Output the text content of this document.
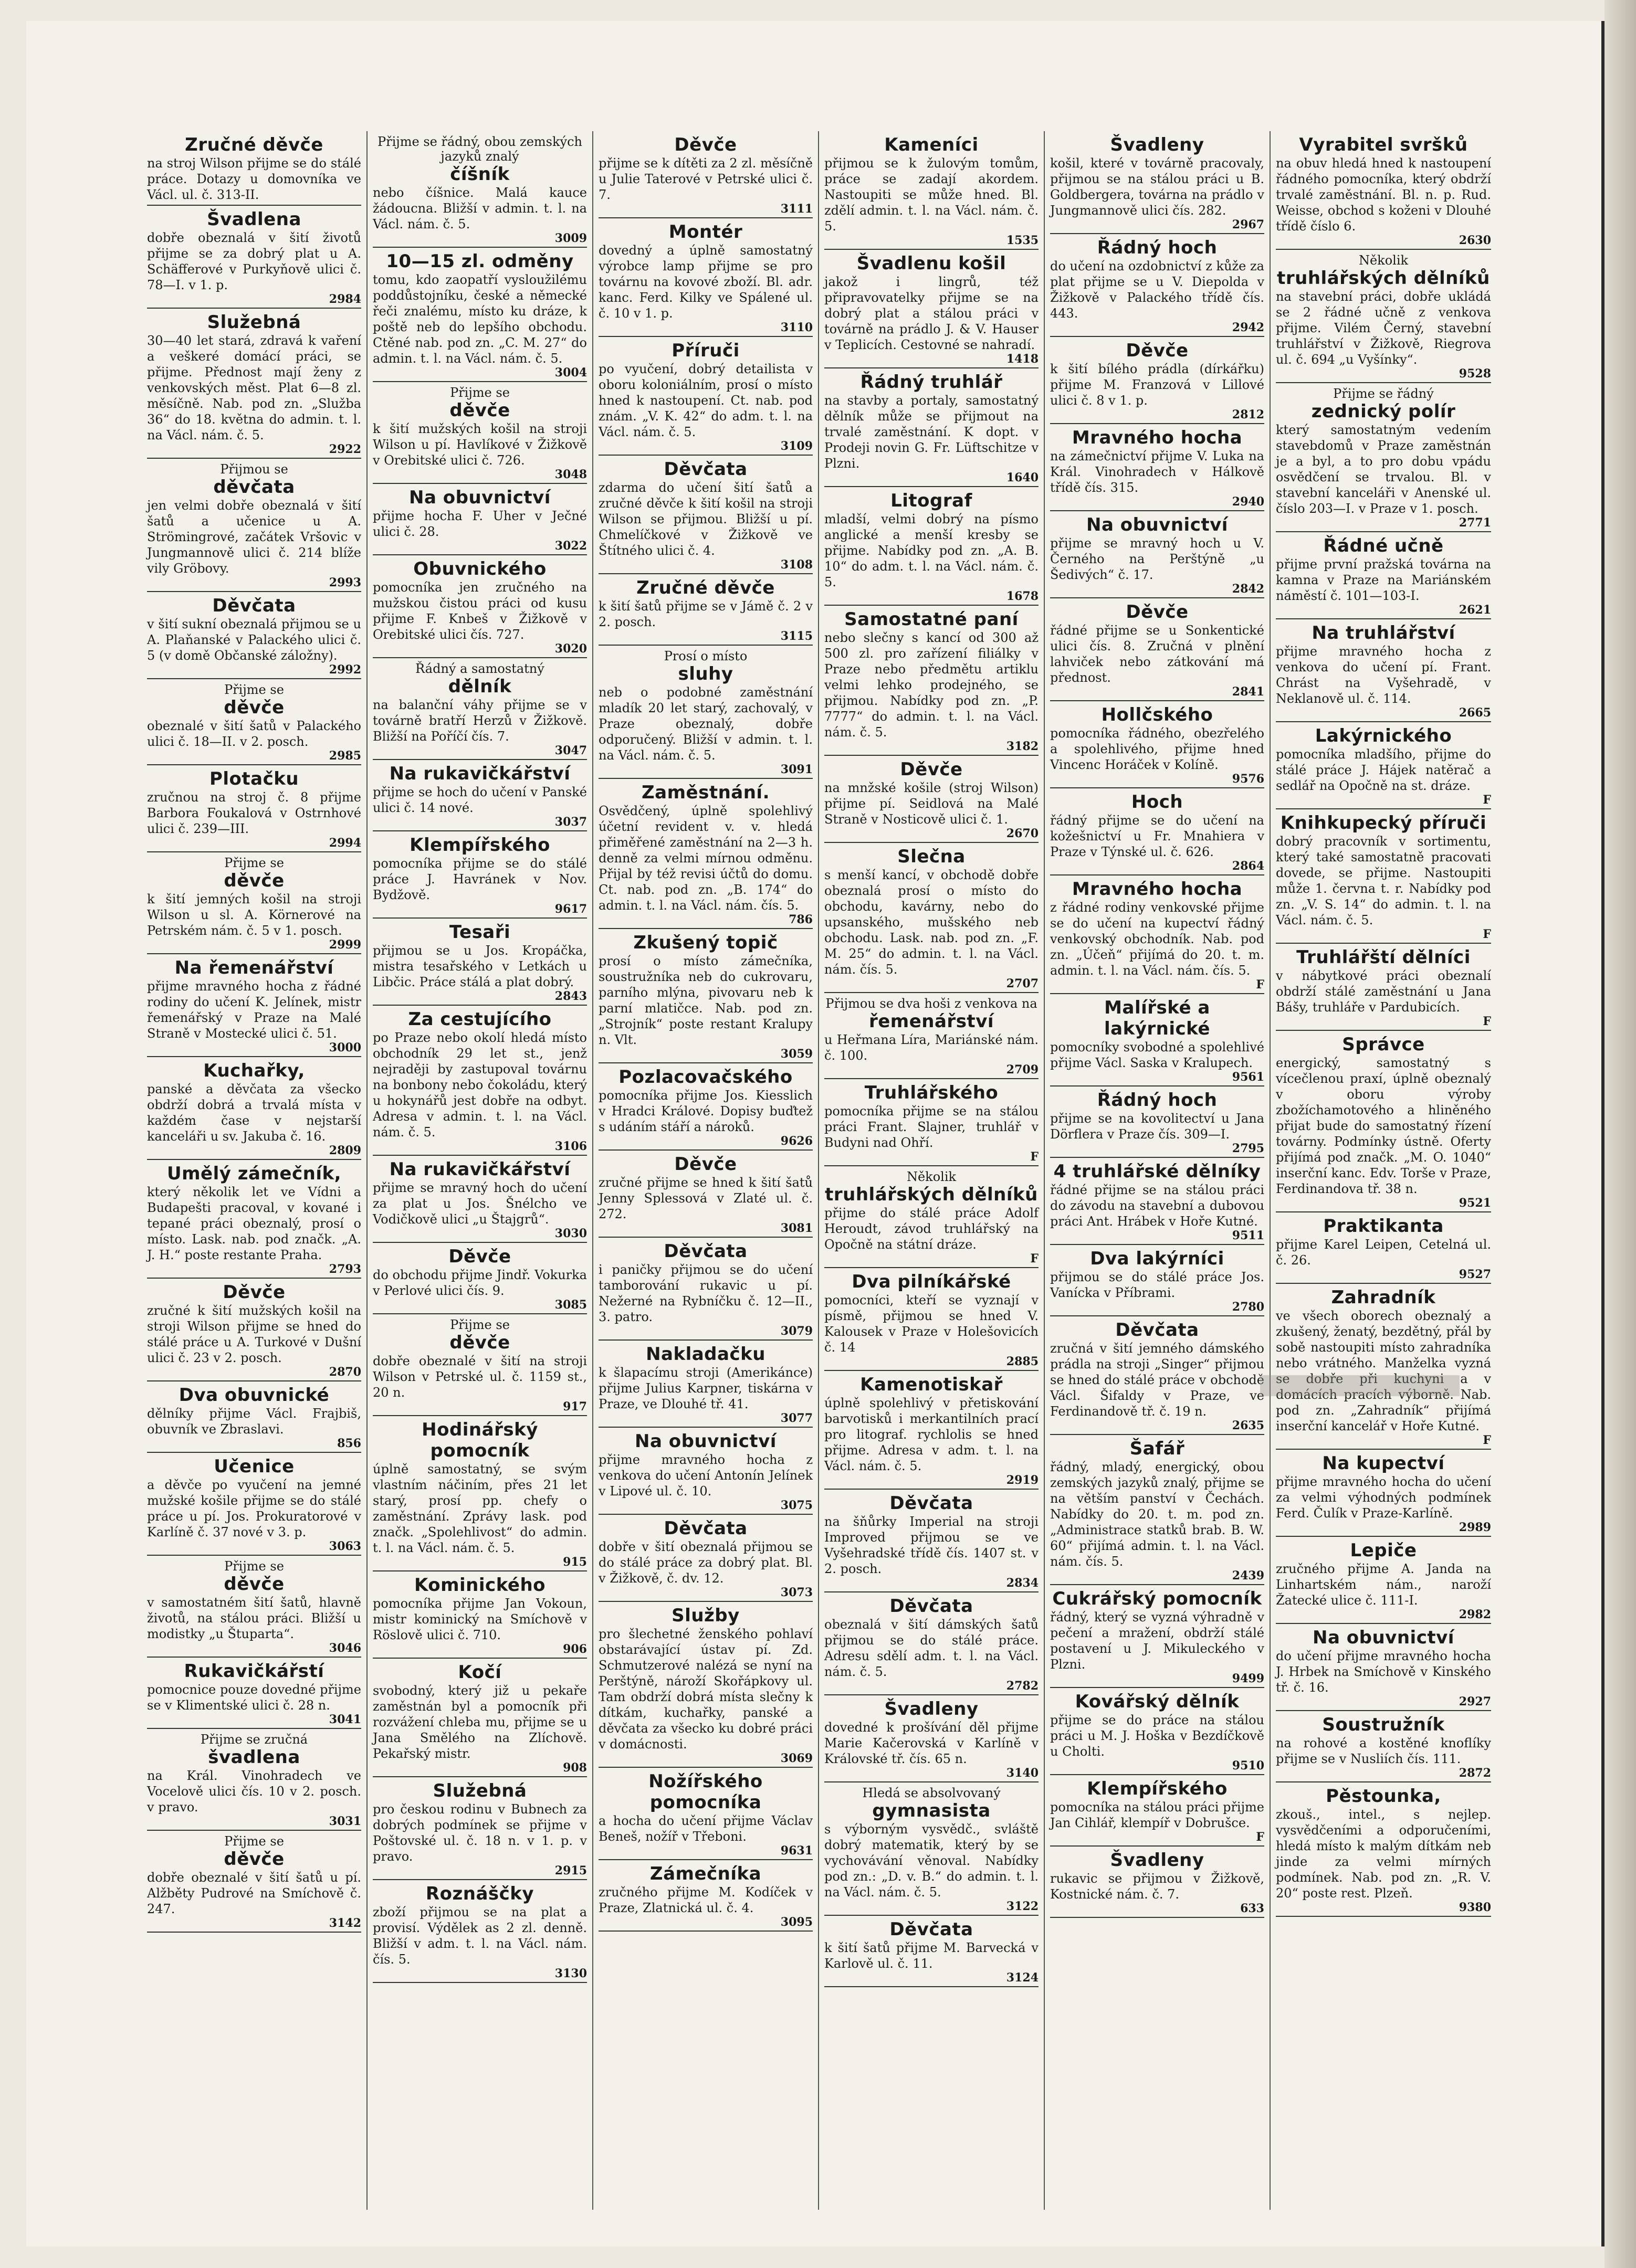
Zručné děvče
na stroj Wilson přijme se do stálé práce. Dotazy u domovníka ve Václ. ul. č. 313-II.
Švadlena
dobře obeznalá v šití životů přijme se za dobrý plat u A. Schäfferové v Purkyňově ulici č. 78—I. v 1. p.
2984
Služebná
30—40 let stará, zdravá k vaření a veškeré domácí práci, se přijme. Přednost mají ženy z venkovských měst. Plat 6—8 zl. měsíčně. Nab. pod zn. „Služba 36“ do 18. května do admin. t. l. na Václ. nám. č. 5.
2922
Přijmou se
děvčata
jen velmi dobře obeznalá v šití šatů a učenice u A. Strömingrové, začátek Vršovic v Jungmannově ulici č. 214 blíže vily Gröbovy.
2993
Děvčata
v šití sukní obeznalá přijmou se u A. Plaňanské v Palackého ulici č. 5 (v domě Občanské záložny).
2992
Přijme se
děvče
obeznalé v šití šatů v Palackého ulici č. 18—II. v 2. posch.
2985
Plotačku
zručnou na stroj č. 8 přijme Barbora Foukalová v Ostrnhové ulici č. 239—III.
2994
Přijme se
děvče
k šití jemných košil na stroji Wilson u sl. A. Körnerové na Petrském nám. č. 5 v 1. posch.
2999
Na řemenářství
přijme mravného hocha z řádné rodiny do učení K. Jelínek, mistr řemenářský v Praze na Malé Straně v Mostecké ulici č. 51.
3000
Kuchařky,
panské a děvčata za všecko obdrží dobrá a trvalá místa v každém čase v nejstarší kanceláři u sv. Jakuba č. 16.
2809
Umělý zámečník,
který několik let ve Vídni a Budapešti pracoval, v kované i tepané práci obeznalý, prosí o místo. Lask. nab. pod značk. „A. J. H.“ poste restante Praha.
2793
Děvče
zručné k šití mužských košil na stroji Wilson přijme se hned do stálé práce u A. Turkové v Dušní ulici č. 23 v 2. posch.
2870
Dva obuvnické
dělníky přijme Václ. Frajbiš, obuvník ve Zbraslavi.
856
Učenice
a děvče po vyučení na jemné mužské košile přijme se do stálé práce u pí. Jos. Prokuratorové v Karlíně č. 37 nové v 3. p.
3063
Přijme se
děvče
v samostatném šití šatů, hlavně životů, na stálou práci. Bližší u modistky „u Štuparta“.
3046
Rukavičkářstí
pomocnice pouze dovedné přijme se v Klimentské ulici č. 28 n.
3041
Přijme se zručná
švadlena
na Král. Vinohradech ve Vocelově ulici čís. 10 v 2. posch. v pravo.
3031
Přijme se
děvče
dobře obeznalé v šití šatů u pí. Alžběty Pudrové na Smíchově č. 247.
3142
Přijme se řádný, obou zemských jazyků znalý
číšník
nebo číšnice. Malá kauce žádoucna. Bližší v admin. t. l. na Václ. nám. č. 5.
3009
10—15 zl. odměny
tomu, kdo zaopatří vysloužilému poddůstojníku, české a německé řeči znalému, místo ku dráze, k poště neb do lepšího obchodu. Ctěné nab. pod zn. „C. M. 27“ do admin. t. l. na Václ. nám. č. 5.
3004
Přijme se
děvče
k šití mužských košil na stroji Wilson u pí. Havlíkové v Žižkově v Orebitské ulici č. 726.
3048
Na obuvnictví
přijme hocha F. Uher v Ječné ulici č. 28.
3022
Obuvnického
pomocníka jen zručného na mužskou čistou práci od kusu přijme F. Knbeš v Žižkově v Orebitské ulici čís. 727.
3020
Řádný a samostatný
dělník
na balanční váhy přijme se v továrně bratří Herzů v Žižkově. Bližší na Poříčí čís. 7.
3047
Na rukavičkářství
přijme se hoch do učení v Panské ulici č. 14 nové.
3037
Klempířského
pomocníka přijme se do stálé práce J. Havránek v Nov. Bydžově.
9617
Tesaři
přijmou se u Jos. Kropáčka, mistra tesařského v Letkách u Libčic. Práce stálá a plat dobrý.
2843
Za cestujícího
po Praze nebo okolí hledá místo obchodník 29 let st., jenž nejraději by zastupoval továrnu na bonbony nebo čokoládu, který u hokynářů jest dobře na odbyt. Adresa v admin. t. l. na Václ. nám. č. 5.
3106
Na rukavičkářství
přijme se mravný hoch do učení za plat u Jos. Šnélcho ve Vodičkově ulici „u Štajgrů“.
3030
Děvče
do obchodu přijme Jindř. Vokurka v Perlové ulici čís. 9.
3085
Přijme se
děvče
dobře obeznalé v šití na stroji Wilson v Petrské ul. č. 1159 st., 20 n.
917
Hodinářský pomocník
úplně samostatný, se svým vlastním náčiním, přes 21 let starý, prosí pp. chefy o zaměstnání. Zprávy lask. pod značk. „Spolehlivost“ do admin. t. l. na Václ. nám. č. 5.
915
Kominického
pomocníka přijme Jan Vokoun, mistr kominický na Smíchově v Röslově ulici č. 710.
906
Kočí
svobodný, který již u pekaře zaměstnán byl a pomocník při rozvážení chleba mu, přijme se u Jana Smělého na Zlíchově. Pekařský mistr.
908
Služebná
pro českou rodinu v Bubnech za dobrých podmínek se přijme v Poštovské ul. č. 18 n. v 1. p. v pravo.
2915
Roznáščky
zboží přijmou se na plat a provisí. Výdělek as 2 zl. denně. Bližší v adm. t. l. na Václ. nám. čís. 5.
3130
Děvče
přijme se k dítěti za 2 zl. měsíčně u Julie Taterové v Petrské ulici č. 7.
3111
Montér
dovedný a úplně samostatný výrobce lamp přijme se pro továrnu na kovové zboží. Bl. adr. kanc. Ferd. Kilky ve Spálené ul. č. 10 v 1. p.
3110
Příruči
po vyučení, dobrý detailista v oboru koloniálním, prosí o místo hned k nastoupení. Ct. nab. pod znám. „V. K. 42“ do adm. t. l. na Václ. nám. č. 5.
3109
Děvčata
zdarma do učení šití šatů a zručné děvče k šití košil na stroji Wilson se přijmou. Bližší u pí. Chmelíčkové v Žižkově ve Štítného ulici č. 4.
3108
Zručné děvče
k šití šatů přijme se v Jámě č. 2 v 2. posch.
3115
Prosí o místo
sluhy
neb o podobné zaměstnání mladík 20 let starý, zachovalý, v Praze obeznalý, dobře odporučený. Bližší v admin. t. l. na Václ. nám. č. 5.
3091
Zaměstnání.
Osvědčený, úplně spolehlivý účetní revident v. v. hledá přiměřené zaměstnání na 2—3 h. denně za velmi mírnou odměnu. Přijal by též revisi účtů do domu. Ct. nab. pod zn. „B. 174“ do admin. t. l. na Václ. nám. čís. 5.
786
Zkušený topič
prosí o místo zámečníka, soustružníka neb do cukrovaru, parního mlýna, pivovaru neb k parní mlatičce. Nab. pod zn. „Strojník“ poste restant Kralupy n. Vlt.
3059
Pozlacovačského
pomocníka přijme Jos. Kiesslich v Hradci Králové. Dopisy buďtež s udáním stáří a nároků.
9626
Děvče
zručné přijme se hned k šití šatů Jenny Splessová v Zlaté ul. č. 272.
3081
Děvčata
i paničky přijmou se do učení tamborování rukavic u pí. Nežerné na Rybníčku č. 12—II., 3. patro.
3079
Nakladačku
k šlapacímu stroji (Amerikánce) přijme Julius Karpner, tiskárna v Praze, ve Dlouhé tř. 41.
3077
Na obuvnictví
přijme mravného hocha z venkova do učení Antonín Jelínek v Lipové ul. č. 10.
3075
Děvčata
dobře v šití obeznalá přijmou se do stálé práce za dobrý plat. Bl. v Žižkově, č. dv. 12.
3073
Služby
pro šlechetné ženského pohlaví obstarávající ústav pí. Zd. Schmutzerové nalézá se nyní na Perštýně, nároží Skořápkovy ul. Tam obdrží dobrá místa slečny k dítkám, kuchařky, panské a děvčata za všecko ku dobré práci v domácnosti.
3069
Nožířského pomocníka
a hocha do učení přijme Václav Beneš, nožíř v Třeboni.
9631
Zámečníka
zručného přijme M. Kodíček v Praze, Zlatnická ul. č. 4.
3095
Kameníci
přijmou se k žulovým tomům, práce se zadají akordem. Nastoupiti se může hned. Bl. zdělí admin. t. l. na Václ. nám. č. 5.
1535
Švadlenu košil
jakož i lingrů, též připravovatelky přijme se na dobrý plat a stálou práci v továrně na prádlo J. & V. Hauser v Teplicích. Cestovné se nahradí.
1418
Řádný truhlář
na stavby a portaly, samostatný dělník může se přijmout na trvalé zaměstnání. K dopt. v Prodeji novin G. Fr. Lüftschitze v Plzni.
1640
Litograf
mladší, velmi dobrý na písmo anglické a menší kresby se přijme. Nabídky pod zn. „A. B. 10“ do adm. t. l. na Václ. nám. č. 5.
1678
Samostatné paní
nebo slečny s kancí od 300 až 500 zl. pro zařízení filiálky v Praze nebo předmětu artiklu velmi lehko prodejného, se přijmou. Nabídky pod zn. „P. 7777“ do admin. t. l. na Václ. nám. č. 5.
3182
Děvče
na mnžské košile (stroj Wilson) přijme pí. Seidlová na Malé Straně v Nosticově ulici č. 1.
2670
Slečna
s menší kancí, v obchodě dobře obeznalá prosí o místo do obchodu, kavárny, nebo do upsanského, mušského neb obchodu. Lask. nab. pod zn. „F. M. 25“ do admin. t. l. na Václ. nám. čís. 5.
2707
Přijmou se dva hoši z venkova na
řemenářství
u Heřmana Líra, Mariánské nám. č. 100.
2709
Truhlářského
pomocníka přijme se na stálou práci Frant. Slajner, truhlář v Budyni nad Ohří.
F
Několik
truhlářských dělníků
přijme do stálé práce Adolf Heroudt, závod truhlářský na Opočně na státní dráze.
F
Dva pilníkářské
pomocníci, kteří se vyznají v písmě, přijmou se hned V. Kalousek v Praze v Holešovicích č. 14
2885
Kamenotiskař
úplně spolehlivý v přetiskování barvotisků i merkantilních prací pro litograf. rychlolis se hned přijme. Adresa v adm. t. l. na Václ. nám. č. 5.
2919
Děvčata
na šňůrky Imperial na stroji Improved přijmou se ve Vyšehradské třídě čís. 1407 st. v 2. posch.
2834
Děvčata
obeznalá v šití dámských šatů přijmou se do stálé práce. Adresu sdělí adm. t. l. na Václ. nám. č. 5.
2782
Švadleny
dovedné k prošívání děl přijme Marie Kačerovská v Karlíně v Královské tř. čís. 65 n.
3140
Hledá se absolvovaný
gymnasista
s výborným vysvědč., svláště dobrý matematik, který by se vychovávání věnoval. Nabídky pod zn.: „D. v. B.“ do admin. t. l. na Václ. nám. č. 5.
3122
Děvčata
k šití šatů přijme M. Barvecká v Karlově ul. č. 11.
3124
Švadleny
košil, které v továrně pracovaly, přijmou se na stálou práci u B. Goldbergera, továrna na prádlo v Jungmannově ulici čís. 282.
2967
Řádný hoch
do učení na ozdobnictví z kůže za plat přijme se u V. Diepolda v Žižkově v Palackého třídě čís. 443.
2942
Děvče
k šití bílého prádla (dírkářku) přijme M. Franzová v Lillové ulici č. 8 v 1. p.
2812
Mravného hocha
na zámečnictví přijme V. Luka na Král. Vinohradech v Hálkově třídě čís. 315.
2940
Na obuvnictví
přijme se mravný hoch u V. Černého na Perštýně „u Šedivých“ č. 17.
2842
Děvče
řádné přijme se u Sonkentické ulici čís. 8. Zručná v plnění lahviček nebo zátkování má přednost.
2841
Hollčského
pomocníka řádného, obezřelého a spolehlivého, přijme hned Vincenc Horáček v Kolíně.
9576
Hoch
řádný přijme se do učení na kožešnictví u Fr. Mnahiera v Praze v Týnské ul. č. 626.
2864
Mravného hocha
z řádné rodiny venkovské přijme se do učení na kupectví řádný venkovský obchodník. Nab. pod zn. „Účeň“ přijímá do 20. t. m. admin. t. l. na Václ. nám. čís. 5.
F
Malířské a lakýrnické
pomocníky svobodné a spolehlivé přijme Václ. Saska v Kralupech.
9561
Řádný hoch
přijme se na kovolitectví u Jana Dörflera v Praze čís. 309—I.
2795
4 truhlářské dělníky
řádné přijme se na stálou práci do závodu na stavební a dubovou práci Ant. Hrábek v Hoře Kutné.
9511
Dva lakýrníci
přijmou se do stálé práce Jos. Vanícka v Příbrami.
2780
Děvčata
zručná v šití jemného dámského prádla na stroji „Singer“ přijmou se hned do stálé práce v obchodě Václ. Šifaldy v Praze, ve Ferdinandově tř. č. 19 n.
2635
Šafář
řádný, mladý, energický, obou zemských jazyků znalý, přijme se na větším panství v Čechách. Nabídky do 20. t. m. pod zn. „Administrace statků brab. B. W. 60“ přijímá admin. t. l. na Václ. nám. čís. 5.
2439
Cukrářský pomocník
řádný, který se vyzná výhradně v pečení a mražení, obdrží stálé postavení u J. Mikuleckého v Plzni.
9499
Kovářský dělník
přijme se do práce na stálou práci u M. J. Hoška v Bezdíčkově u Cholti.
9510
Klempířského
pomocníka na stálou práci přijme Jan Cihlář, klempíř v Dobrušce.
F
Švadleny
rukavic se přijmou v Žižkově, Kostnické nám. č. 7.
633
Vyrabitel svršků
na obuv hledá hned k nastoupení řádného pomocníka, který obdrží trvalé zaměstnání. Bl. n. p. Rud. Weisse, obchod s koženi v Dlouhé třídě číslo 6.
2630
Několik
truhlářských dělníků
na stavební práci, dobře ukládá se 2 řádné učně z venkova přijme. Vilém Černý, stavební truhlářství v Žižkově, Riegrova ul. č. 694 „u Vyšínky“.
9528
Přijme se řádný
zednický polír
který samostatným vedením stavebdomů v Praze zaměstnán je a byl, a to pro dobu vpádu osvědčení se trvalou. Bl. v stavební kanceláři v Anenské ul. číslo 203—I. v Praze v 1. posch.
2771
Řádné učně
přijme první pražská továrna na kamna v Praze na Mariánském náměstí č. 101—103-I.
2621
Na truhlářství
přijme mravného hocha z venkova do učení pí. Frant. Chrást na Vyšehradě, v Neklanově ul. č. 114.
2665
Lakýrnického
pomocníka mladšího, přijme do stálé práce J. Hájek natěrač a sedlář na Opočně na st. dráze.
F
Knihkupecký příruči
dobrý pracovník v sortimentu, který také samostatně pracovati dovede, se přijme. Nastoupiti může 1. června t. r. Nabídky pod zn. „V. S. 14“ do admin. t. l. na Václ. nám. č. 5.
F
Truhlářští dělníci
v nábytkové práci obeznalí obdrží stálé zaměstnání u Jana Bášy, truhláře v Pardubicích.
F
Správce
energický, samostatný s vícečlenou praxí, úplně obeznalý v oboru výroby zbožíchamotového a hliněného přijat bude do samostatný řízení továrny. Podmínky ústně. Oferty přijímá pod značk. „M. O. 1040“ inserční kanc. Edv. Torše v Praze, Ferdinandova tř. 38 n.
9521
Praktikanta
přijme Karel Leipen, Cetelná ul. č. 26.
9527
Zahradník
ve všech oborech obeznalý a zkušený, ženatý, bezdětný, přál by sobě nastoupiti místo zahradníka nebo vrátného. Manželka vyzná se dobře při kuchyni a v domácích pracích výborně. Nab. pod zn. „Zahradník“ přijímá inserční kancelář v Hoře Kutné.
F
Na kupectví
přijme mravného hocha do učení za velmi výhodných podmínek Ferd. Čulík v Praze-Karlíně.
2989
Lepiče
zručného přijme A. Janda na Linhartském nám., naroží Žatecké ulice č. 111-I.
2982
Na obuvnictví
do učení přijme mravného hocha J. Hrbek na Smíchově v Kinského tř. č. 16.
2927
Soustružník
na rohové a kostěné knoflíky přijme se v Nusliích čís. 111.
2872
Pěstounka,
zkouš., intel., s nejlep. vysvědčeními a odporučeními, hledá místo k malým dítkám neb jinde za velmi mírných podmínek. Nab. pod zn. „R. V. 20“ poste rest. Plzeň.
9380
